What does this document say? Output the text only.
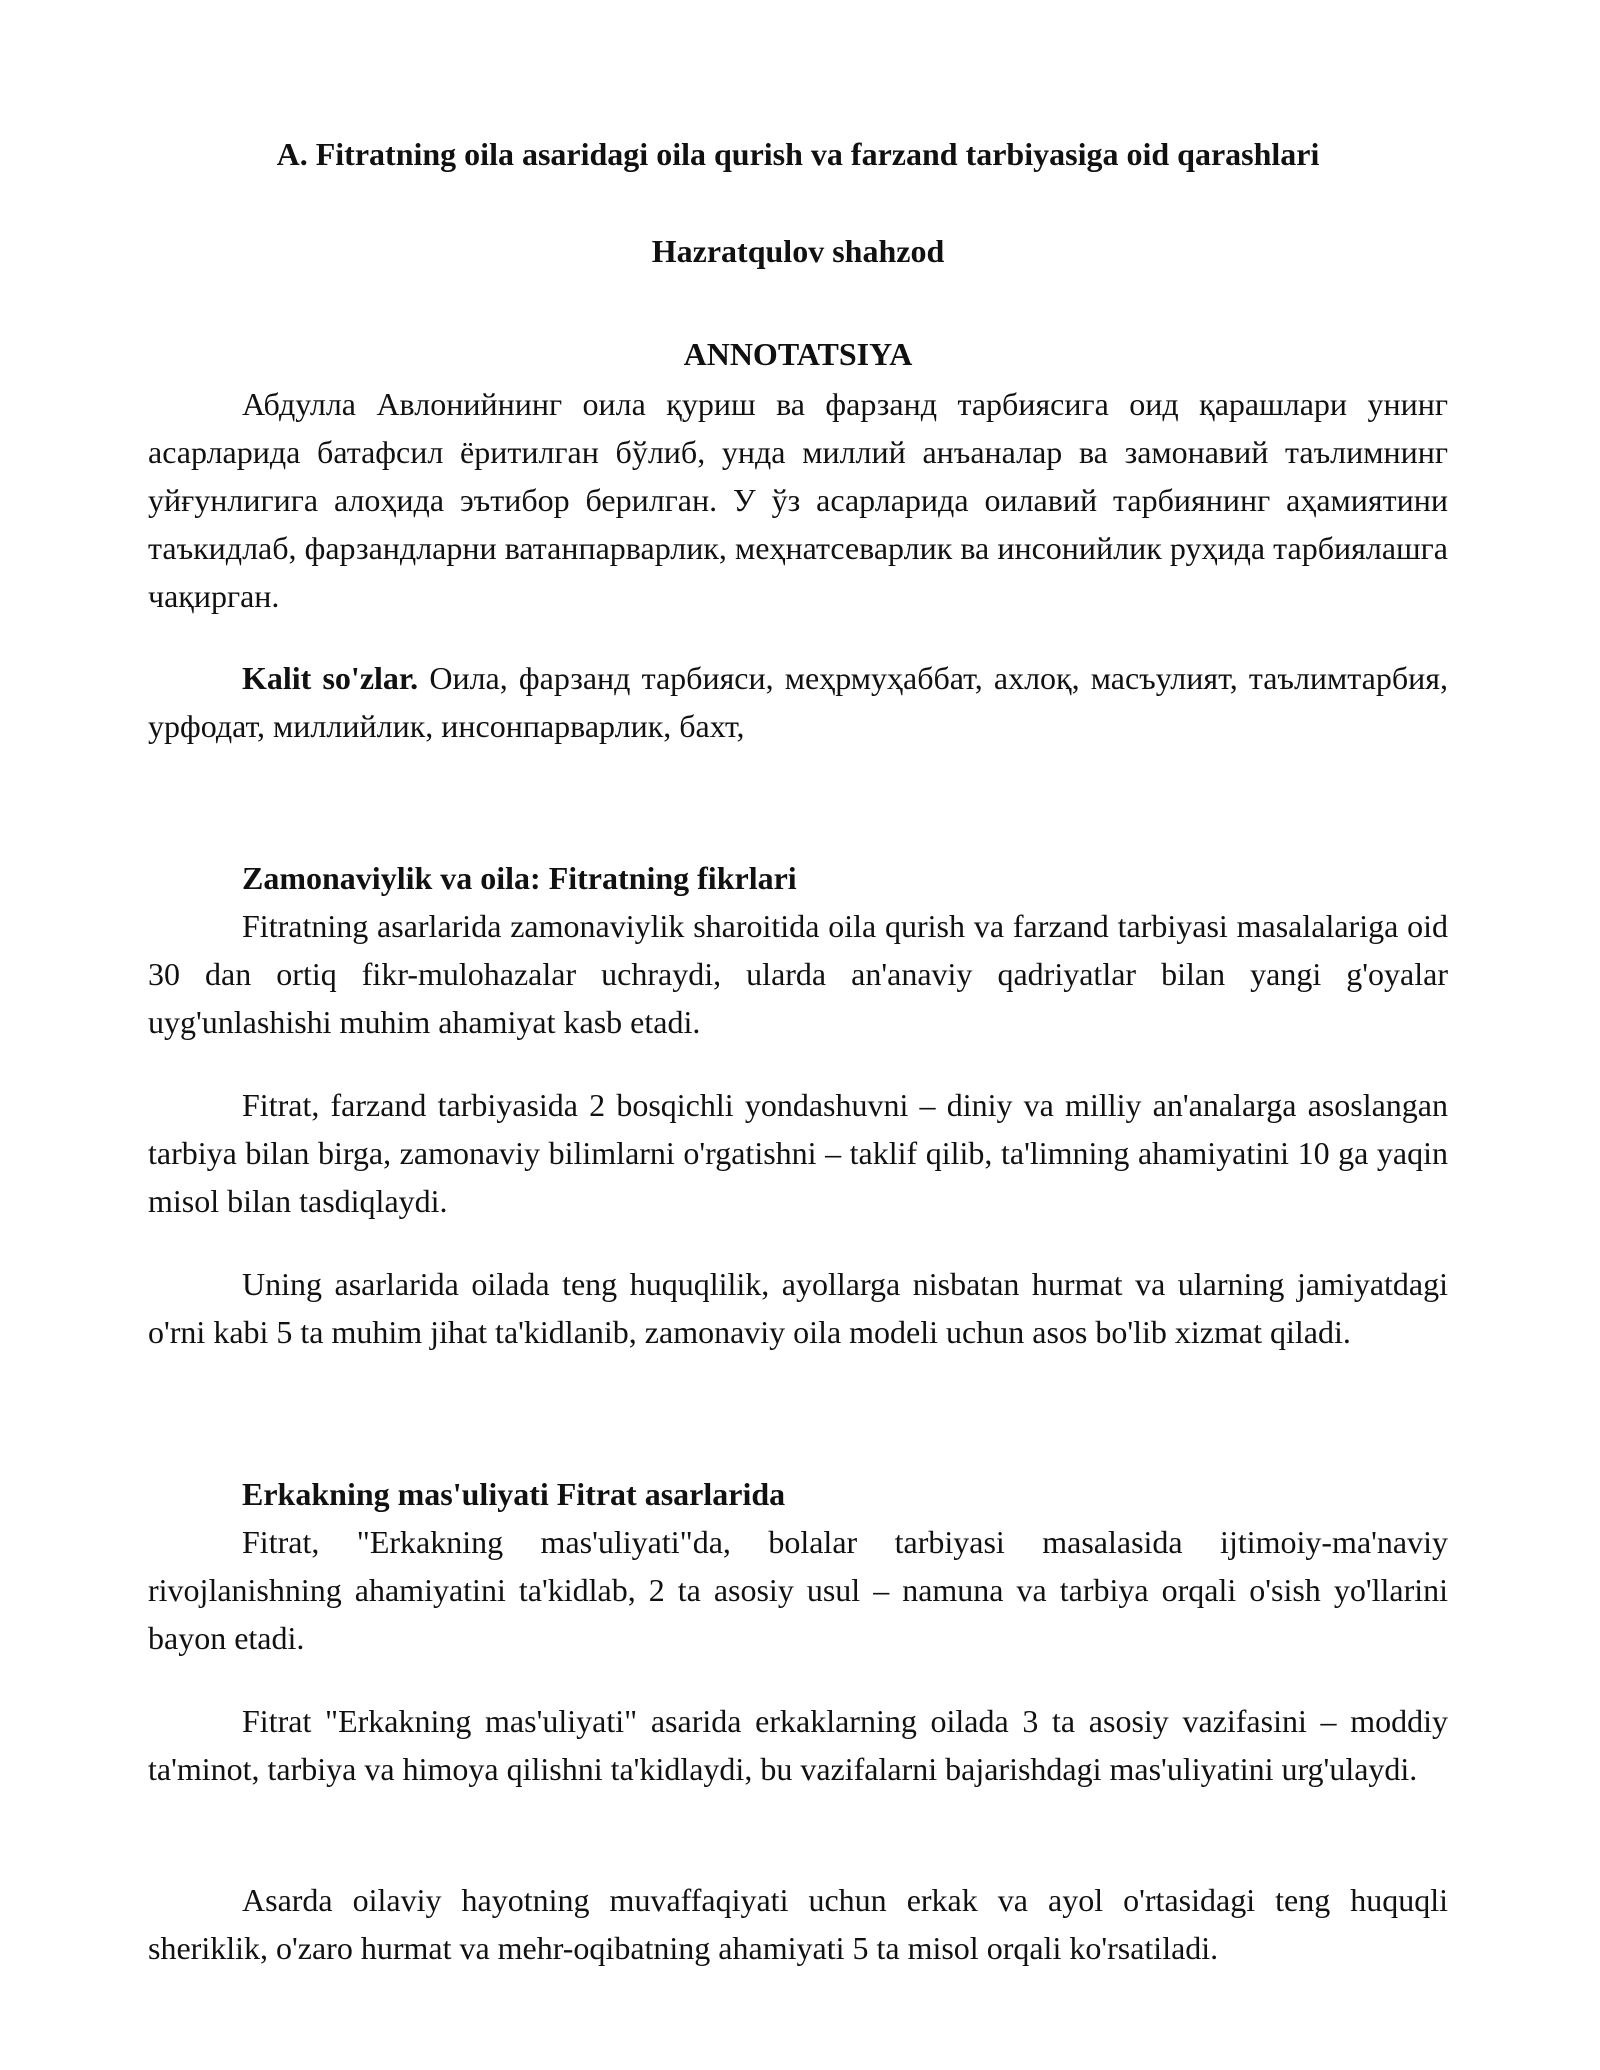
A. Fitratning oila asaridagi oila qurish va farzand tarbiyasiga oid qarashlari
Hazratqulov shahzod
ANNOTATSIYA

Абдулла Авлонийнинг оила қуриш ва фарзанд тарбиясига оид қарашлари унинг асарларида батафсил ёритилган бўлиб, унда миллий анъаналар ва замонавий таълимнинг уйғунлигига алоҳида эътибор берилган. У ўз асарларида оилавий тарбиянинг аҳамиятини таъкидлаб, фарзандларни ватанпарварлик, меҳнатсеварлик ва инсонийлик руҳида тарбиялашга чақирган.

Kalit so'zlar. Оила, фарзанд тарбияси, меҳрмуҳаббат, ахлоқ, масъулият, таълимтарбия, урфодат, миллийлик, инсонпарварлик, бахт,

Zamonaviylik va oila: Fitratning fikrlari

Fitratning asarlarida zamonaviylik sharoitida oila qurish va farzand tarbiyasi masalalariga oid 30 dan ortiq fikr-mulohazalar uchraydi, ularda an'anaviy qadriyatlar bilan yangi g'oyalar uyg'unlashishi muhim ahamiyat kasb etadi.

Fitrat, farzand tarbiyasida 2 bosqichli yondashuvni – diniy va milliy an'analarga asoslangan tarbiya bilan birga, zamonaviy bilimlarni o'rgatishni – taklif qilib, ta'limning ahamiyatini 10 ga yaqin misol bilan tasdiqlaydi.

Uning asarlarida oilada teng huquqlilik, ayollarga nisbatan hurmat va ularning jamiyatdagi o'rni kabi 5 ta muhim jihat ta'kidlanib, zamonaviy oila modeli uchun asos bo'lib xizmat qiladi.

Erkakning mas'uliyati Fitrat asarlarida

Fitrat, "Erkakning mas'uliyati"da, bolalar tarbiyasi masalasida ijtimoiy-ma'naviy rivojlanishning ahamiyatini ta'kidlab, 2 ta asosiy usul – namuna va tarbiya orqali o'sish yo'llarini bayon etadi.

Fitrat "Erkakning mas'uliyati" asarida erkaklarning oilada 3 ta asosiy vazifasini – moddiy ta'minot, tarbiya va himoya qilishni ta'kidlaydi, bu vazifalarni bajarishdagi mas'uliyatini urg'ulaydi.

Asarda oilaviy hayotning muvaffaqiyati uchun erkak va ayol o'rtasidagi teng huquqli sheriklik, o'zaro hurmat va mehr-oqibatning ahamiyati 5 ta misol orqali ko'rsatiladi.
